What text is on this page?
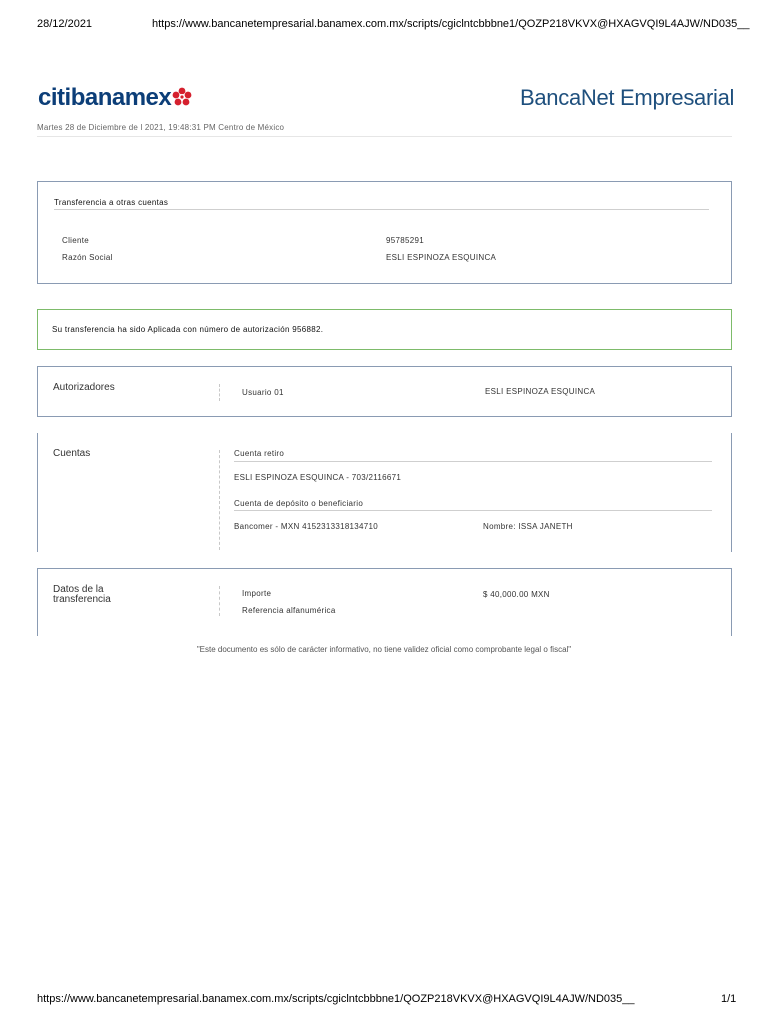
28/12/2021	https://www.bancanetempresarial.banamex.com.mx/scripts/cgiclntcbbbne1/QOZP218VKVX@HXAGVQI9L4AJW/ND035__
citibanamex	BancaNet Empresarial
Martes 28 de Diciembre de l 2021, 19:48:31 PM Centro de México
Transferencia a otras cuentas
Cliente	95785291
Razón Social	ESLI ESPINOZA ESQUINCA
Su transferencia ha sido Aplicada con número de autorización 956882.
Autorizadores	Usuario 01	ESLI ESPINOZA ESQUINCA
Cuentas	Cuenta retiro
ESLI ESPINOZA ESQUINCA - 703/2116671
Cuenta de depósito o beneficiario
Bancomer - MXN 4152313318134710	Nombre: ISSA JANETH
Datos de la
transferencia
Importe	$ 40,000.00 MXN
Referencia alfanumérica
"Este documento es sólo de carácter informativo, no tiene validez oficial como comprobante legal o fiscal"
https://www.bancanetempresarial.banamex.com.mx/scripts/cgiclntcbbbne1/QOZP218VKVX@HXAGVQI9L4AJW/ND035__	1/1
